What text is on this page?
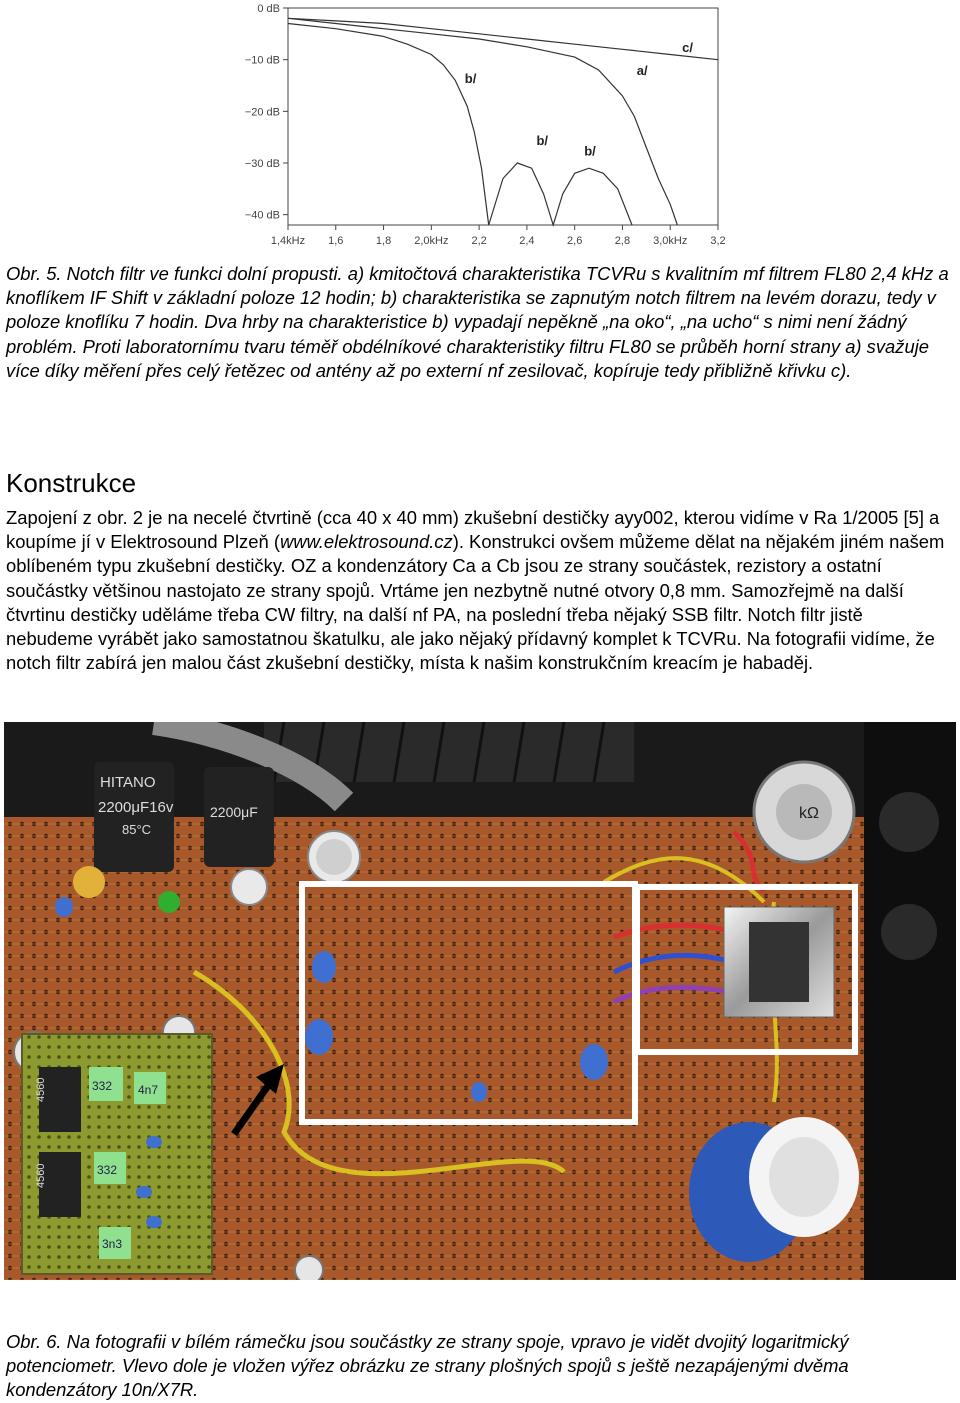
0 dB
−10 dB
−20 dB
−30 dB
−40 dB
1,4kHz 1,6	1,8 2,0kHz 2,2	2,4	2,6	2,8 3,0kHz 3,2
b/
b/
b/
a/
c/

Obr. 5. Notch filtr ve funkci dolní propusti. a) kmitočtová charakteristika TCVRu s kvalitním mf filtrem FL80 2,4 kHz a knoflíkem IF Shift v základní poloze 12 hodin; b) charakteristika se zapnutým notch filtrem na levém dorazu, tedy v poloze knoflíku 7 hodin. Dva hrby na charakteristice b) vypadají nepěkně „na oko“, „na ucho“ s nimi není žádný problém. Proti laboratornímu tvaru téměř obdélníkové charakteristiky filtru FL80 se průběh horní strany a) svažuje více díky měření přes celý řetězec od antény až po externí nf zesilovač, kopíruje tedy přibližně křivku c).

Konstrukce

Zapojení z obr. 2 je na necelé čtvrtině (cca 40 x 40 mm) zkušební destičky ayy002, kterou vidíme v Ra 1/2005 [5] a koupíme jí v Elektrosound Plzeň (www.elektrosound.cz). Konstrukci ovšem můžeme dělat na nějakém jiném našem oblíbeném typu zkušební destičky. OZ a kondenzátory Ca a Cb jsou ze strany součástek, rezistory a ostatní součástky většinou nastojato ze strany spojů. Vrtáme jen nezbytně nutné otvory 0,8 mm. Samozřejmě na další čtvrtinu destičky uděláme třeba CW filtry, na další nf PA, na poslední třeba nějaký SSB filtr. Notch filtr jistě nebudeme vyrábět jako samostatnou škatulku, ale jako nějaký přídavný komplet k TCVRu. Na fotografii vidíme, že notch filtr zabírá jen malou část zkušební destičky, místa k našim konstrukčním kreacím je habaděj.

HITANO
2200μF16v
85°C
2200μF	kΩ
4560
4560
332 4n7
332
3n3

Obr. 6. Na fotografii v bílém rámečku jsou součástky ze strany spoje, vpravo je vidět dvojitý logaritmický potenciometr. Vlevo dole je vložen výřez obrázku ze strany plošných spojů s ještě nezapájenými dvěma kondenzátory 10n/X7R.
